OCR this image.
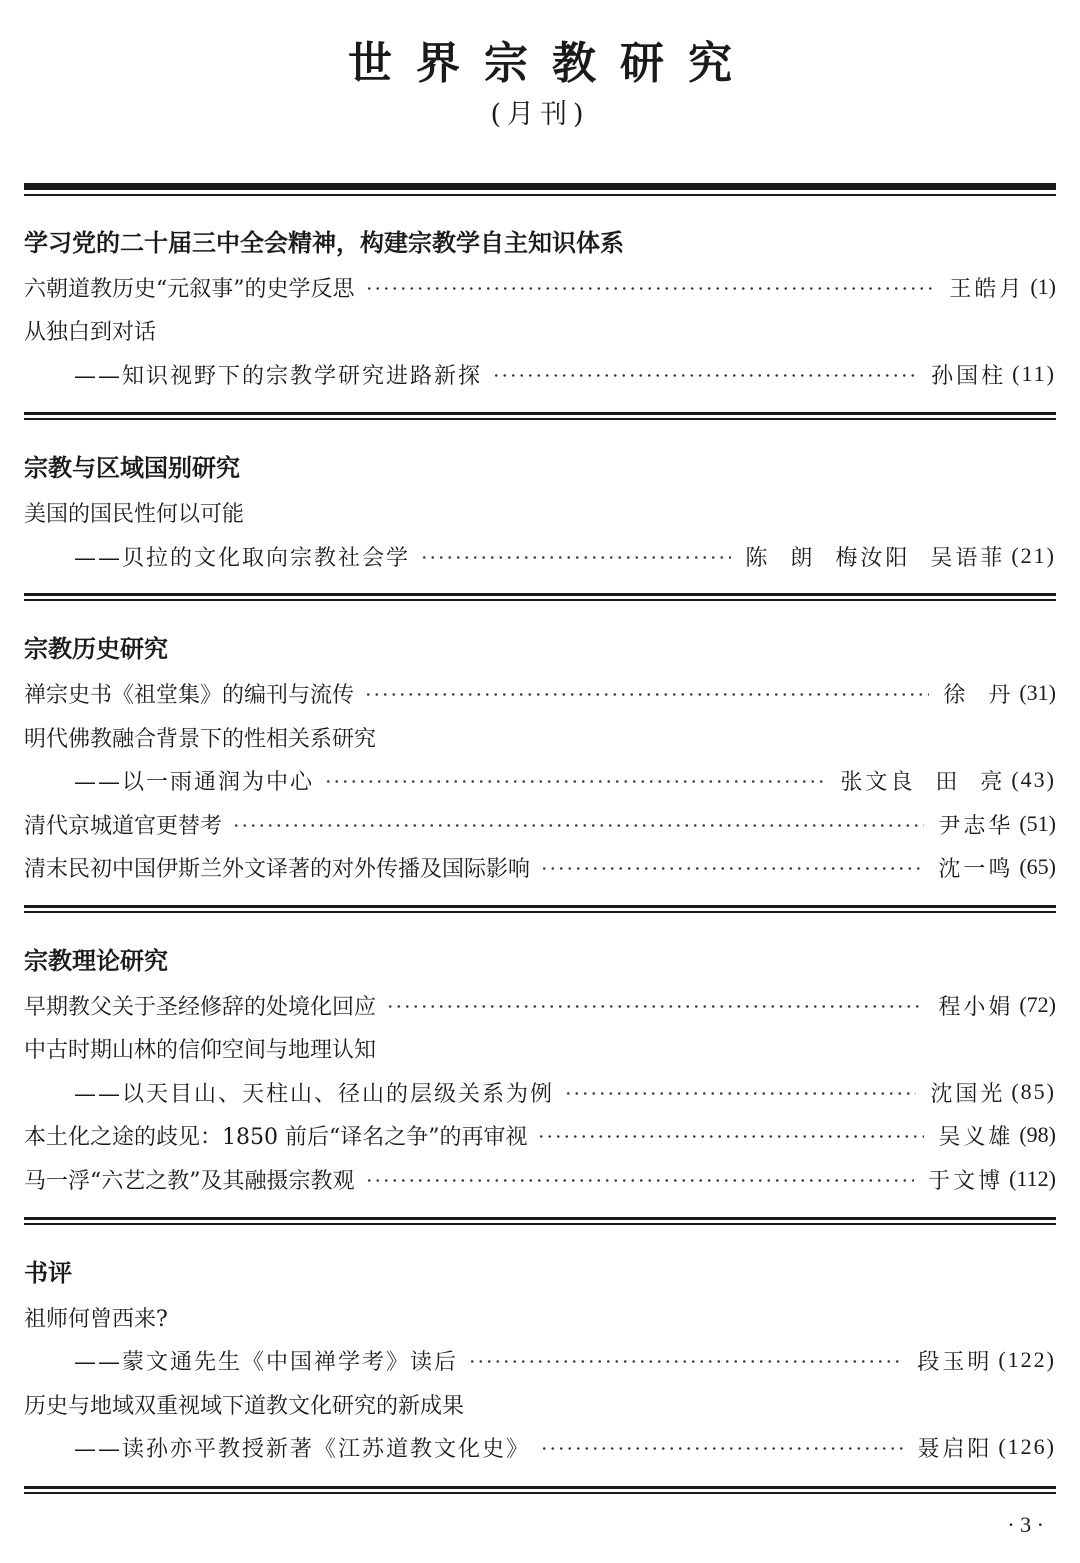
世界宗教研究
(月刊)
学习党的二十届三中全会精神，构建宗教学自主知识体系
六朝道教历史“元叙事”的史学反思	王皓月 (1)
从独白到对话
——知识视野下的宗教学研究进路新探	孙国柱 (11)
宗教与区域国别研究
美国的国民性何以可能
——贝拉的文化取向宗教社会学	陈  朗  梅汝阳  吴语菲 (21)
宗教历史研究
禅宗史书《祖堂集》的编刊与流传	徐  丹 (31)
明代佛教融合背景下的性相关系研究
——以一雨通润为中心	张文良  田  亮 (43)
清代京城道官更替考	尹志华 (51)
清末民初中国伊斯兰外文译著的对外传播及国际影响	沈一鸣 (65)
宗教理论研究
早期教父关于圣经修辞的处境化回应	程小娟 (72)
中古时期山林的信仰空间与地理认知
——以天目山、天柱山、径山的层级关系为例	沈国光 (85)
本土化之途的歧见：1850 前后“译名之争”的再审视	吴义雄 (98)
马一浮“六艺之教”及其融摄宗教观	于文博 (112)
书评
祖师何曾西来?
——蒙文通先生《中国禅学考》读后	段玉明 (122)
历史与地域双重视域下道教文化研究的新成果
——读孙亦平教授新著《江苏道教文化史》	聂启阳 (126)
· 3 ·
